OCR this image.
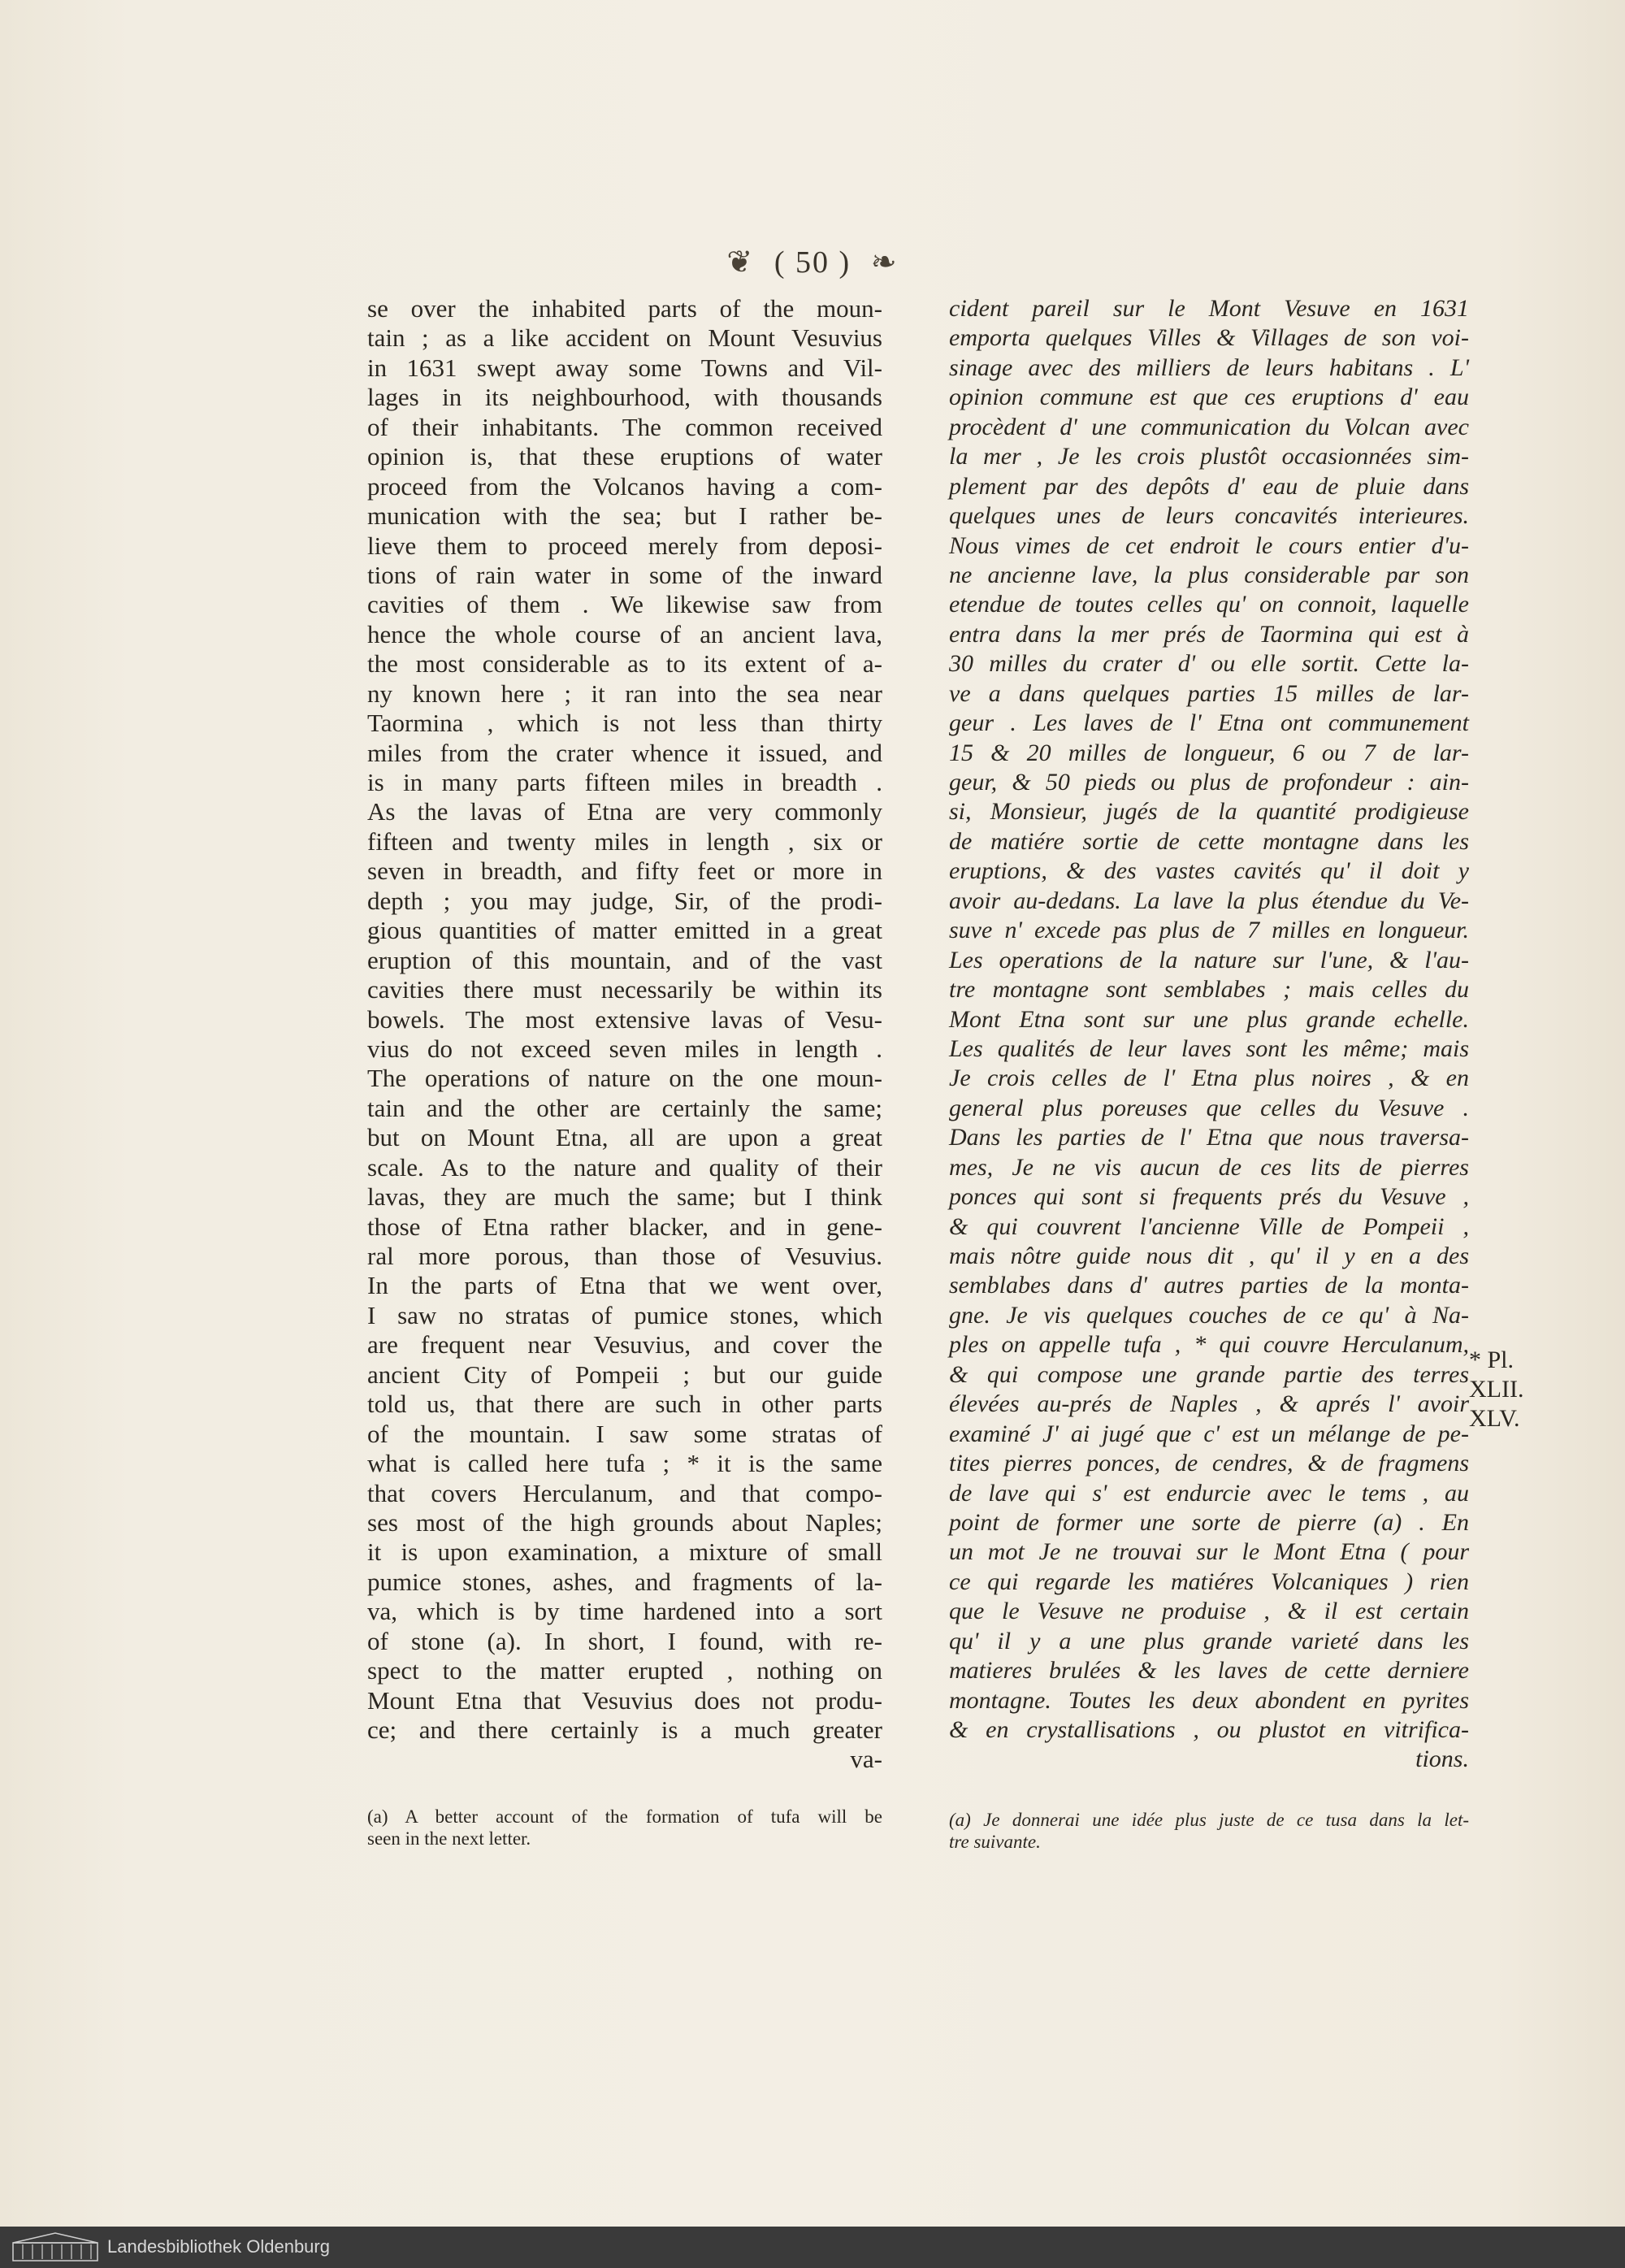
❦ ( 50 ) ❧
se over the inhabited parts of the moun-
tain ; as a like accident on Mount Vesuvius
in 1631 swept away some Towns and Vil-
lages in its neighbourhood, with thousands
of their inhabitants. The common received
opinion is, that these eruptions of water
proceed from the Volcanos having a com-
munication with the sea; but I rather be-
lieve them to proceed merely from deposi-
tions of rain water in some of the inward
cavities of them . We likewise saw from
hence the whole course of an ancient lava,
the most considerable as to its extent of a-
ny known here ; it ran into the sea near
Taormina , which is not less than thirty
miles from the crater whence it issued, and
is in many parts fifteen miles in breadth .
As the lavas of Etna are very commonly
fifteen and twenty miles in length , six or
seven in breadth, and fifty feet or more in
depth ; you may judge, Sir, of the prodi-
gious quantities of matter emitted in a great
eruption of this mountain, and of the vast
cavities there must necessarily be within its
bowels. The most extensive lavas of Vesu-
vius do not exceed seven miles in length .
The operations of nature on the one moun-
tain and the other are certainly the same;
but on Mount Etna, all are upon a great
scale. As to the nature and quality of their
lavas, they are much the same; but I think
those of Etna rather blacker, and in gene-
ral more porous, than those of Vesuvius.
In the parts of Etna that we went over,
I saw no stratas of pumice stones, which
are frequent near Vesuvius, and cover the
ancient City of Pompeii ; but our guide
told us, that there are such in other parts
of the mountain. I saw some stratas of
what is called here tufa ; * it is the same
that covers Herculanum, and that compo-
ses most of the high grounds about Naples;
it is upon examination, a mixture of small
pumice stones, ashes, and fragments of la-
va, which is by time hardened into a sort
of stone (a). In short, I found, with re-
spect to the matter erupted , nothing on
Mount Etna that Vesuvius does not produ-
ce; and there certainly is a much greater
va-
cident pareil sur le Mont Vesuve en 1631
emporta quelques Villes & Villages de son voi-
sinage avec des milliers de leurs habitans . L'
opinion commune est que ces eruptions d' eau
procèdent d' une communication du Volcan avec
la mer , Je les crois plustôt occasionnées sim-
plement par des depôts d' eau de pluie dans
quelques unes de leurs concavités interieures.
Nous vimes de cet endroit le cours entier d'u-
ne ancienne lave, la plus considerable par son
etendue de toutes celles qu' on connoit, laquelle
entra dans la mer prés de Taormina qui est à
30 milles du crater d' ou elle sortit. Cette la-
ve a dans quelques parties 15 milles de lar-
geur . Les laves de l' Etna ont communement
15 & 20 milles de longueur, 6 ou 7 de lar-
geur, & 50 pieds ou plus de profondeur : ain-
si, Monsieur, jugés de la quantité prodigieuse
de matiére sortie de cette montagne dans les
eruptions, & des vastes cavités qu' il doit y
avoir au-dedans. La lave la plus étendue du Ve-
suve n' excede pas plus de 7 milles en longueur.
Les operations de la nature sur l'une, & l'au-
tre montagne sont semblabes ; mais celles du
Mont Etna sont sur une plus grande echelle.
Les qualités de leur laves sont les même; mais
Je crois celles de l' Etna plus noires , & en
general plus poreuses que celles du Vesuve .
Dans les parties de l' Etna que nous traversa-
mes, Je ne vis aucun de ces lits de pierres
ponces qui sont si frequents prés du Vesuve ,
& qui couvrent l'ancienne Ville de Pompeii ,
mais nôtre guide nous dit , qu' il y en a des
semblabes dans d' autres parties de la monta-
gne. Je vis quelques couches de ce qu' à Na-
ples on appelle tufa , * qui couvre Herculanum,
& qui compose une grande partie des terres
élevées au-prés de Naples , & aprés l' avoir
examiné J' ai jugé que c' est un mélange de pe-
tites pierres ponces, de cendres, & de fragmens
de lave qui s' est endurcie avec le tems , au
point de former une sorte de pierre (a) . En
un mot Je ne trouvai sur le Mont Etna ( pour
ce qui regarde les matiéres Volcaniques ) rien
que le Vesuve ne produise , & il est certain
qu' il y a une plus grande varieté dans les
matieres brulées & les laves de cette derniere
montagne. Toutes les deux abondent en pyrites
& en crystallisations , ou plustot en vitrifica-
tions.
* Pl.
XLII.
XLV.
(a) A better account of the formation of tufa will be
seen in the next letter.
(a) Je donnerai une idée plus juste de ce tusa dans la let-
tre suivante.
Landesbibliothek Oldenburg
